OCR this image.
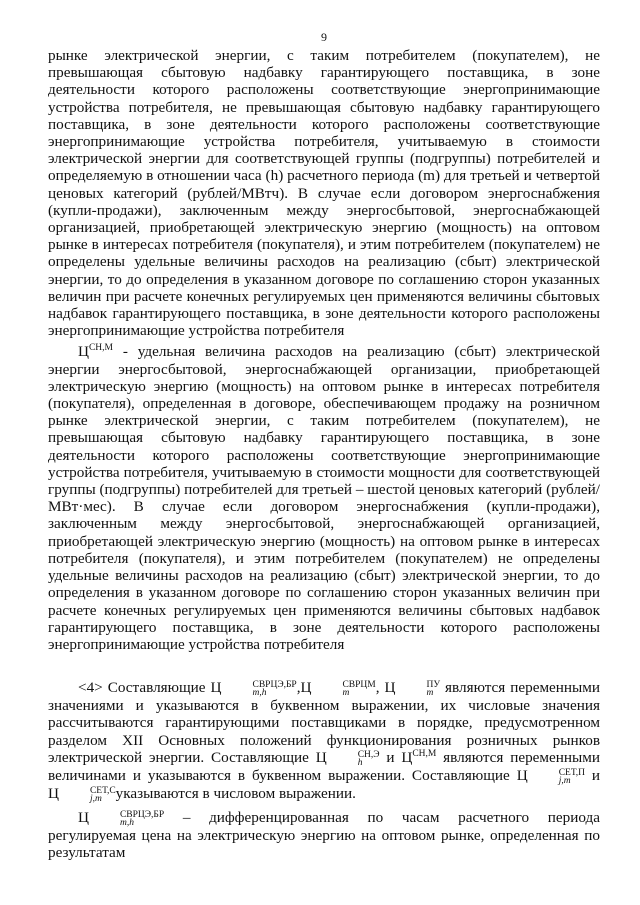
9

рынке электрической энергии, с таким потребителем (покупателем), не превышающая сбытовую надбавку гарантирующего поставщика, в зоне деятельности которого расположены соответствующие энергопринимающие устройства потребителя, не превышающая сбытовую надбавку гарантирующего поставщика, в зоне деятельности которого расположены соответствующие энергопринимающие устройства потребителя, учитываемую в стоимости электрической энергии для соответствующей группы (подгруппы) потребителей и определяемую в отношении часа (h) расчетного периода (m) для третьей и четвертой ценовых категорий (рублей/МВтч). В случае если договором энергоснабжения (купли-продажи), заключенным между энергосбытовой, энергоснабжающей организацией, приобретающей электрическую энергию (мощность) на оптовом рынке в интересах потребителя (покупателя), и этим потребителем (покупателем) не определены удельные величины расходов на реализацию (сбыт) электрической энергии, то до определения в указанном договоре по соглашению сторон указанных величин при расчете конечных регулируемых цен применяются величины сбытовых надбавок гарантирующего поставщика, в зоне деятельности которого расположены энергопринимающие устройства потребителя

$Ц^{СН,М}$ - удельная величина расходов на реализацию (сбыт) электрической энергии энергосбытовой, энергоснабжающей организации, приобретающей электрическую энергию (мощность) на оптовом рынке в интересах потребителя (покупателя), определенная в договоре, обеспечивающем продажу на розничном рынке электрической энергии, с таким потребителем (покупателем), не превышающая сбытовую надбавку гарантирующего поставщика, в зоне деятельности которого расположены соответствующие энергопринимающие устройства потребителя, учитываемую в стоимости мощности для соответствующей группы (подгруппы) потребителей для третьей – шестой ценовых категорий (рублей/МВт·мес). В случае если договором энергоснабжения (купли-продажи), заключенным между энергосбытовой, энергоснабжающей организацией, приобретающей электрическую энергию (мощность) на оптовом рынке в интересах потребителя (покупателя), и этим потребителем (покупателем) не определены удельные величины расходов на реализацию (сбыт) электрической энергии, то до определения в указанном договоре по соглашению сторон указанных величин при расчете конечных регулируемых цен применяются величины сбытовых надбавок гарантирующего поставщика, в зоне деятельности которого расположены энергопринимающие устройства потребителя

<4> Составляющие Ц	СВРЦЭ,БР
m,h	,Ц	СВРЦМ
m	, Ц	ПУ
m являются переменными значениями и указываются в буквенном выражении, их числовые значения рассчитываются гарантирующими поставщиками в порядке, предусмотренном разделом XII Основных положений функционирования розничных рынков электрической энергии. Составляющие Ц	СН,Э
h	и $Ц^{СН,М}$ являются переменными величинами и указываются в буквенном выражении. Составляющие Ц	СЕТ,П
j,m и Ц	СЕТ,С
j,m указываются в числовом выражении.

Ц	СВРЦЭ,БР
m,h	– дифференцированная по часам расчетного периода регулируемая цена на электрическую энергию на оптовом рынке, определенная по результатам
